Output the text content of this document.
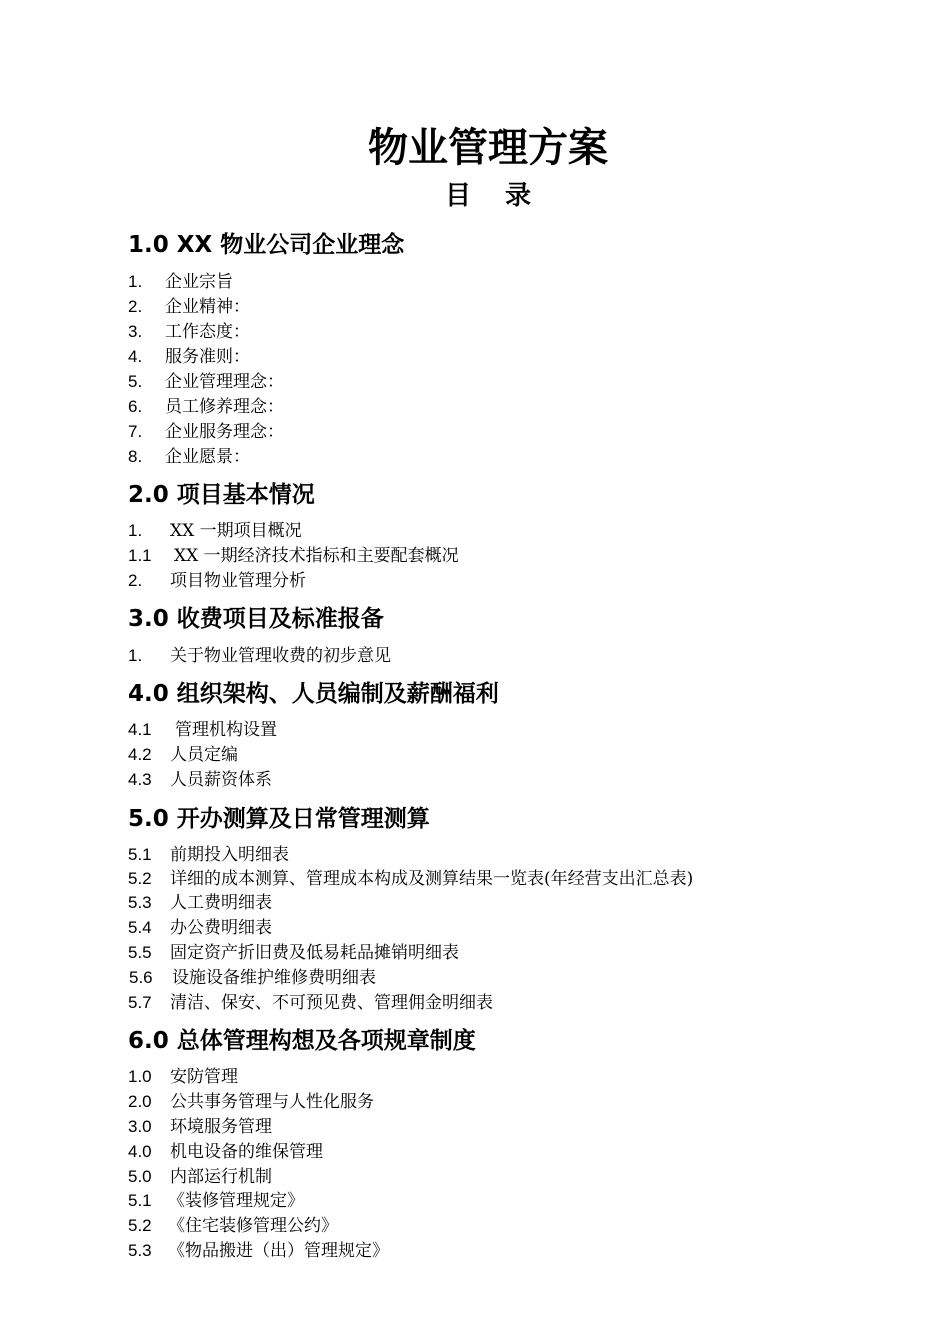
物业管理方案
目 录
1.0 XX 物业公司企业理念

1. 企业宗旨

2. 企业精神：

3. 工作态度：

4. 服务准则：

5. 企业管理理念：

6. 员工修养理念：

7. 企业服务理念：

8. 企业愿景：

2.0 项目基本情况

1. XX 一期项目概况

1.1 XX 一期经济技术指标和主要配套概况

2. 项目物业管理分析

3.0 收费项目及标准报备

1. 关于物业管理收费的初步意见

4.0 组织架构、人员编制及薪酬福利

4.1 管理机构设置

4.2 人员定编

4.3 人员薪资体系

5.0 开办测算及日常管理测算

5.1 前期投入明细表

5.2 详细的成本测算、管理成本构成及测算结果一览表(年经营支出汇总表)

5.3 人工费明细表

5.4 办公费明细表

5.5 固定资产折旧费及低易耗品摊销明细表

5.6 设施设备维护维修费明细表

5.7 清洁、保安、不可预见费、管理佣金明细表

6.0 总体管理构想及各项规章制度

1.0 安防管理

2.0 公共事务管理与人性化服务

3.0 环境服务管理

4.0 机电设备的维保管理

5.0 内部运行机制

5.1 《装修管理规定》

5.2 《住宅装修管理公约》

5.3 《物品搬进（出）管理规定》
